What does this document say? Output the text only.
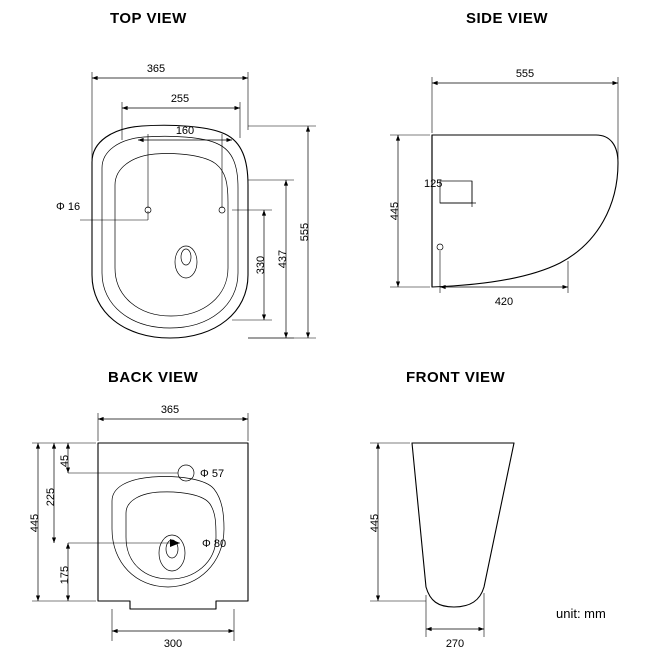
TOP VIEW	SIDE VIEW
BACK VIEW	FRONT VIEW
unit: mm
Φ 16
365
255
160
555
437
330
555
445
125
420
Φ 57
Φ 80
365
445
45
225
175
300
445
270
